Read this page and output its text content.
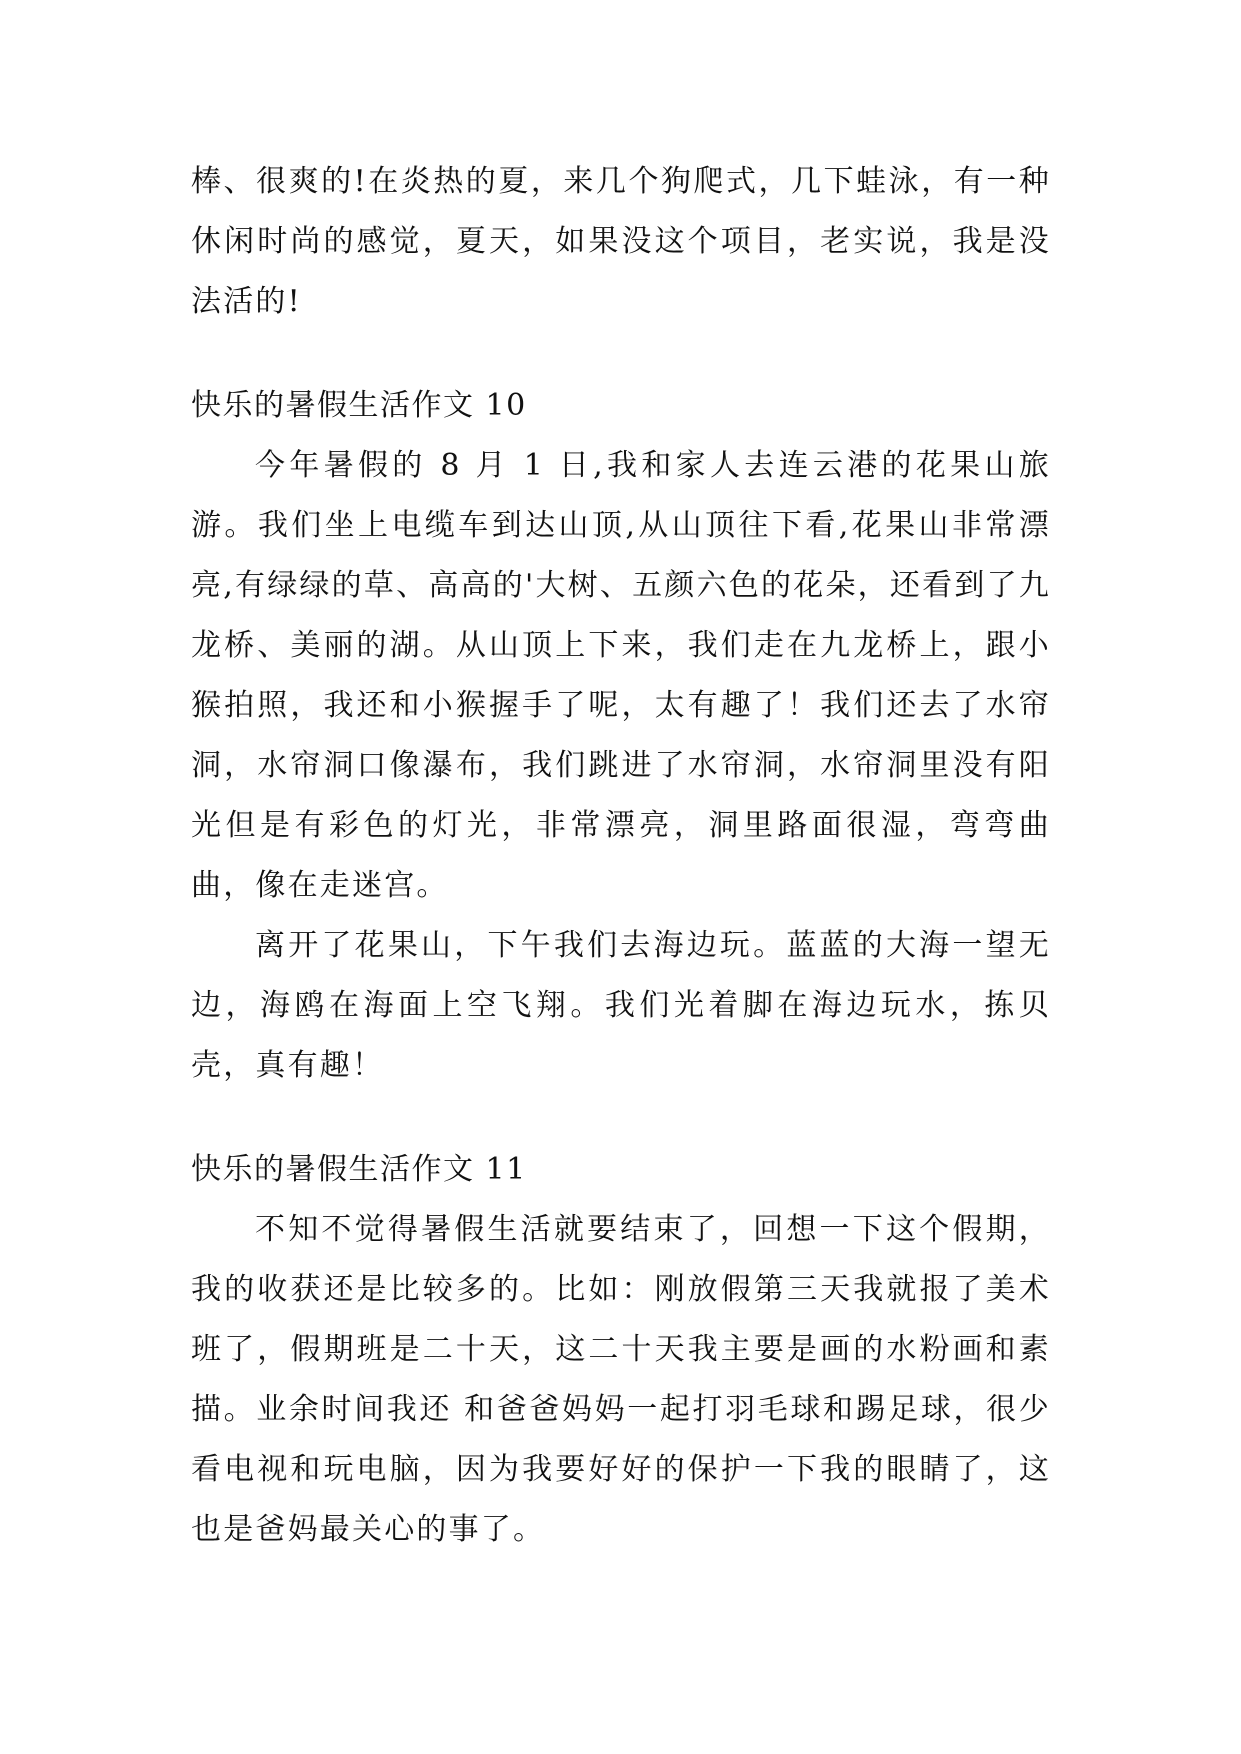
棒、很爽的!在炎热的夏，来几个狗爬式，几下蛙泳，有一种休闲时尚的感觉，夏天，如果没这个项目，老实说，我是没法活的!

快乐的暑假生活作文 10

今年暑假的 8 月 1 日,我和家人去连云港的花果山旅游。我们坐上电缆车到达山顶,从山顶往下看,花果山非常漂亮,有绿绿的草、高高的'大树、五颜六色的花朵，还看到了九龙桥、美丽的湖。从山顶上下来，我们走在九龙桥上，跟小猴拍照，我还和小猴握手了呢，太有趣了！我们还去了水帘洞，水帘洞口像瀑布，我们跳进了水帘洞，水帘洞里没有阳光但是有彩色的灯光，非常漂亮，洞里路面很湿，弯弯曲曲，像在走迷宫。

离开了花果山，下午我们去海边玩。蓝蓝的大海一望无边，海鸥在海面上空飞翔。我们光着脚在海边玩水，拣贝壳，真有趣！

快乐的暑假生活作文 11

不知不觉得暑假生活就要结束了，回想一下这个假期，我的收获还是比较多的。比如：刚放假第三天我就报了美术班了，假期班是二十天，这二十天我主要是画的水粉画和素描。业余时间我还 和爸爸妈妈一起打羽毛球和踢足球，很少看电视和玩电脑，因为我要好好的保护一下我的眼睛了，这也是爸妈最关心的事了。
